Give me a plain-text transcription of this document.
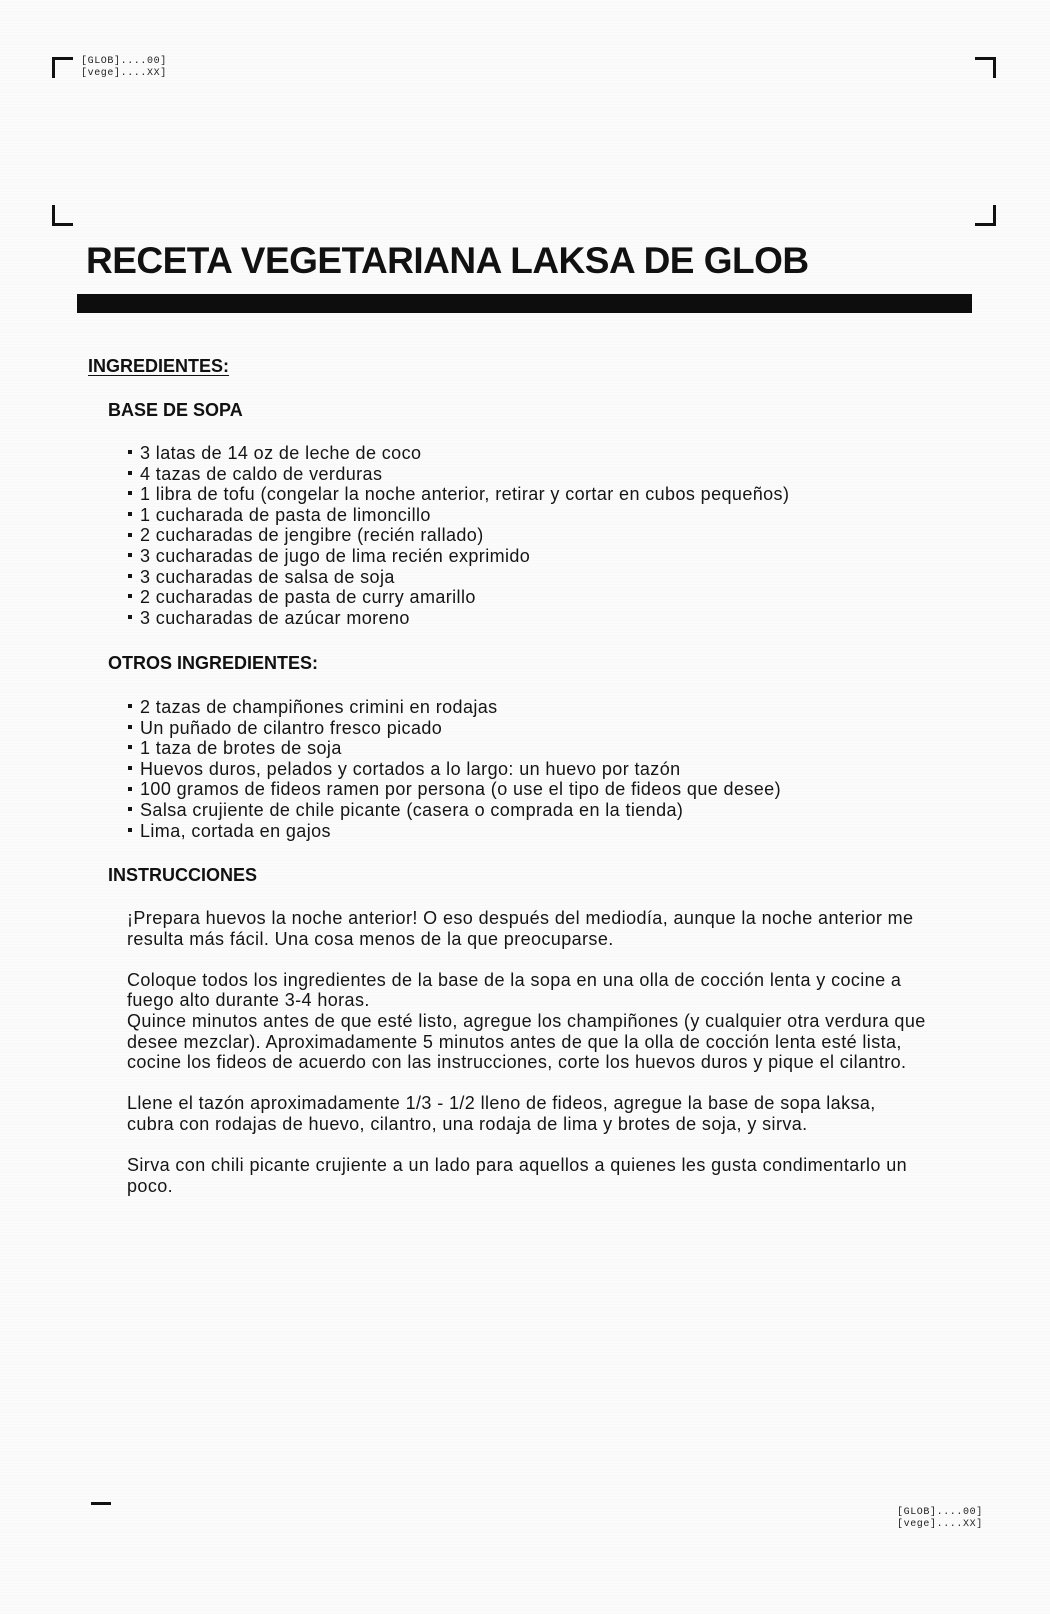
[GLOB]....00]
[vege]....XX]
RECETA VEGETARIANA LAKSA DE GLOB
INGREDIENTES:
BASE DE SOPA
3 latas de 14 oz de leche de coco
4 tazas de caldo de verduras
1 libra de tofu (congelar la noche anterior, retirar y cortar en cubos pequeños)
1 cucharada de pasta de limoncillo
2 cucharadas de jengibre (recién rallado)
3 cucharadas de jugo de lima recién exprimido
3 cucharadas de salsa de soja
2 cucharadas de pasta de curry amarillo
3 cucharadas de azúcar moreno
OTROS INGREDIENTES:
2 tazas de champiñones crimini en rodajas
Un puñado de cilantro fresco picado
1 taza de brotes de soja
Huevos duros, pelados y cortados a lo largo: un huevo por tazón
100 gramos de fideos ramen por persona (o use el tipo de fideos que desee)
Salsa crujiente de chile picante (casera o comprada en la tienda)
Lima, cortada en gajos
INSTRUCCIONES

¡Prepara huevos la noche anterior! O eso después del mediodía, aunque la noche anterior me resulta más fácil. Una cosa menos de la que preocuparse.

Coloque todos los ingredientes de la base de la sopa en una olla de cocción lenta y cocine a fuego alto durante 3-4 horas.

Quince minutos antes de que esté listo, agregue los champiñones (y cualquier otra verdura que desee mezclar). Aproximadamente 5 minutos antes de que la olla de cocción lenta esté lista, cocine los fideos de acuerdo con las instrucciones, corte los huevos duros y pique el cilantro.

Llene el tazón aproximadamente 1/3 - 1/2 lleno de fideos, agregue la base de sopa laksa, cubra con rodajas de huevo, cilantro, una rodaja de lima y brotes de soja, y sirva.

Sirva con chili picante crujiente a un lado para aquellos a quienes les gusta condimentarlo un poco.

[GLOB]....00]
[vege]....XX]
